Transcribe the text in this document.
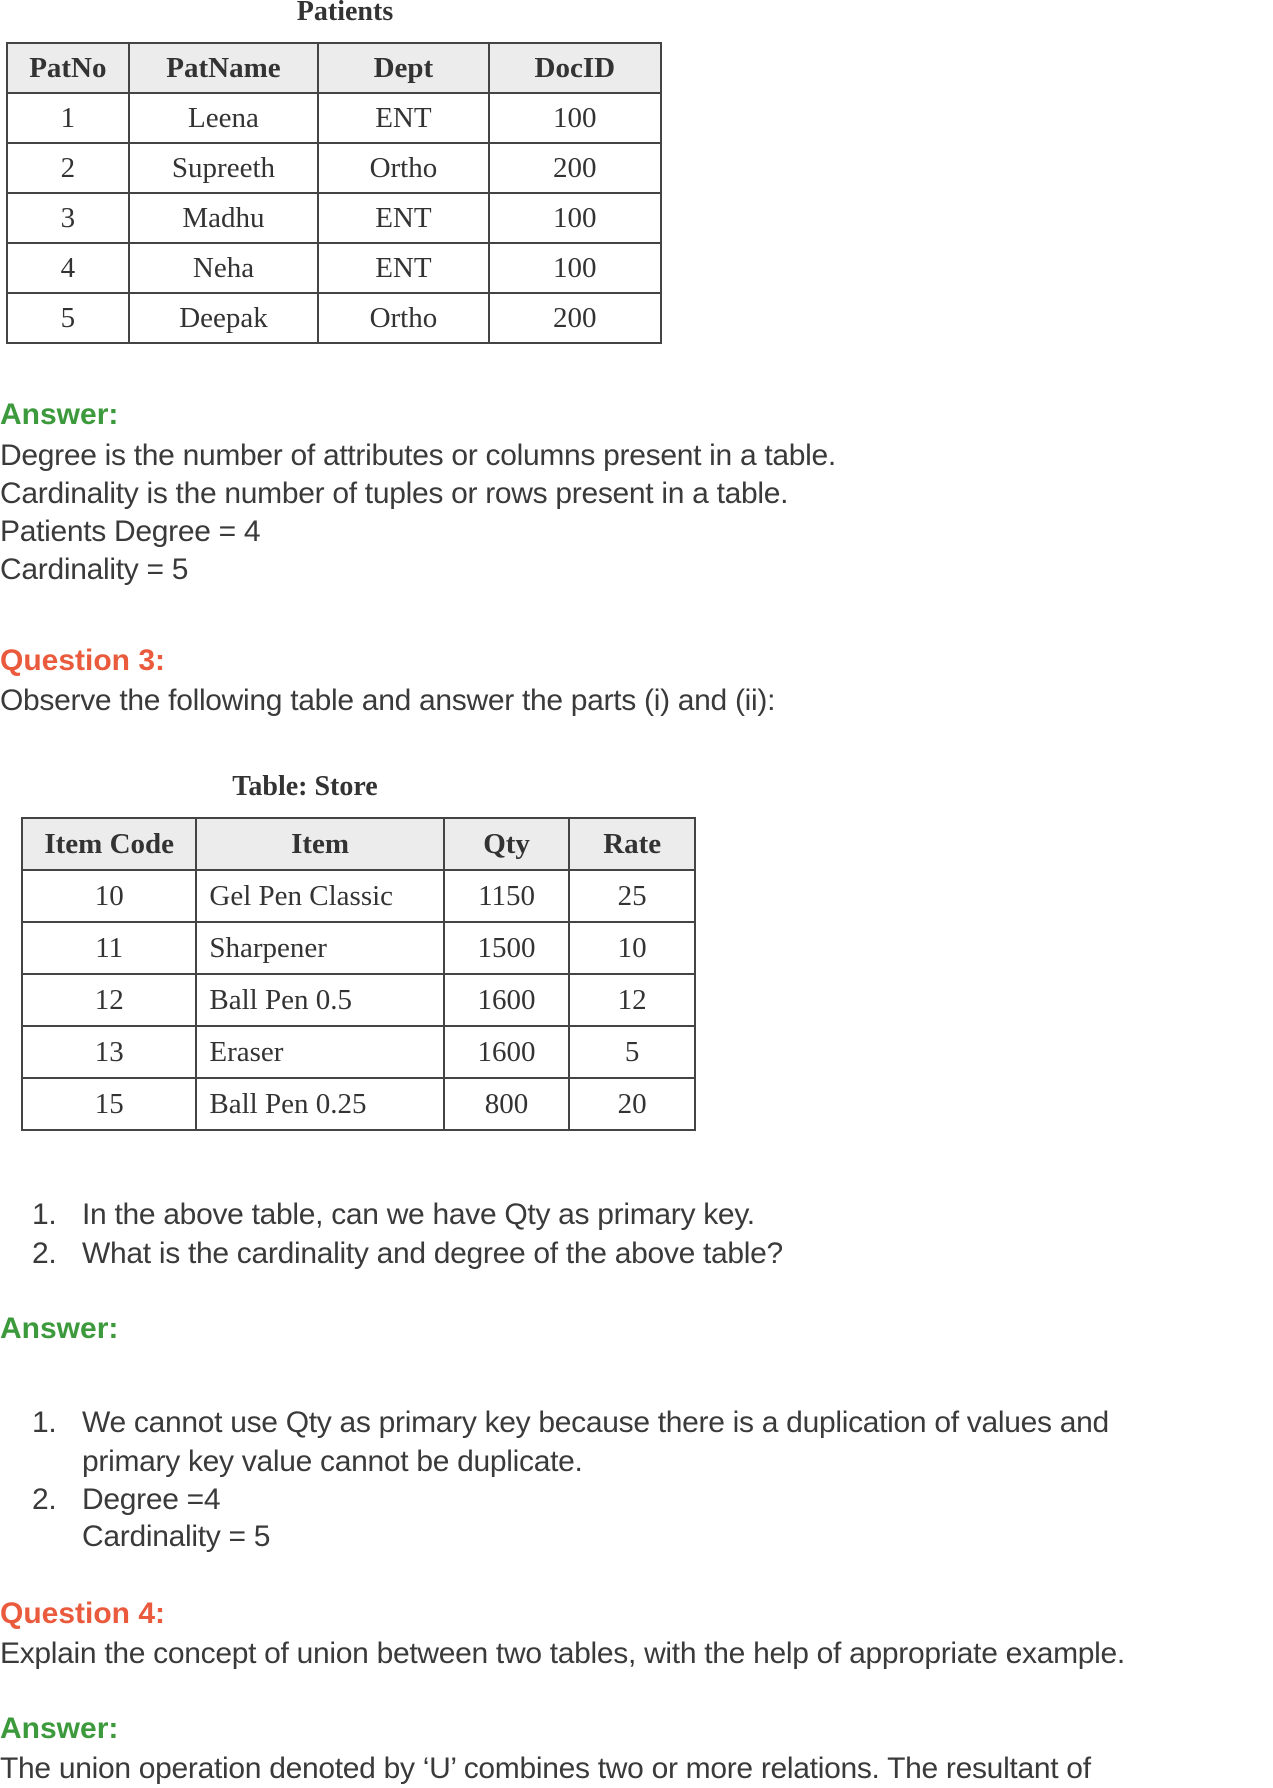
Patients
PatNo	PatName	Dept	DocID
1	Leena	ENT	100
2	Supreeth	Ortho	200
3	Madhu	ENT	100
4	Neha	ENT	100
5	Deepak	Ortho	200
Answer:
Degree is the number of attributes or columns present in a table.
Cardinality is the number of tuples or rows present in a table.
Patients Degree = 4
Cardinality = 5
Question 3:
Observe the following table and answer the parts (i) and (ii):
Table: Store
Item Code	Item	Qty	Rate
10	Gel Pen Classic	1150	25
11	Sharpener	1500	10
12	Ball Pen 0.5	1600	12
13	Eraser	1600	5
15	Ball Pen 0.25	800	20
1. In the above table, can we have Qty as primary key.
2. What is the cardinality and degree of the above table?
Answer:
1. We cannot use Qty as primary key because there is a duplication of values and
primary key value cannot be duplicate.
2. Degree =4
Cardinality = 5
Question 4:
Explain the concept of union between two tables, with the help of appropriate example.
Answer:
The union operation denoted by ‘U’ combines two or more relations. The resultant of
